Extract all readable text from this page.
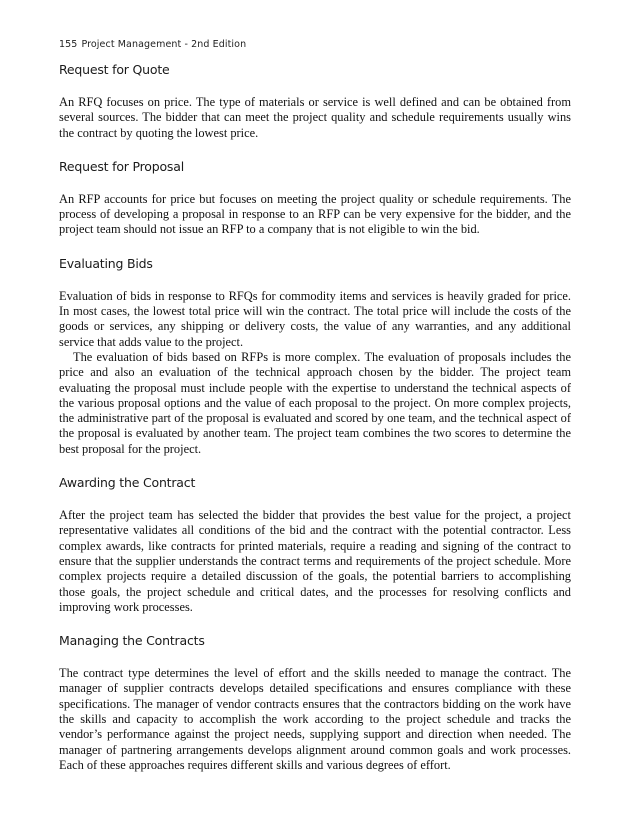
155 Project Management - 2nd Edition
Request for Quote

An RFQ focuses on price. The type of materials or service is well defined and can be obtained from several sources. The bidder that can meet the project quality and schedule requirements usually wins the contract by quoting the lowest price.

Request for Proposal

An RFP accounts for price but focuses on meeting the project quality or schedule requirements. The process of developing a proposal in response to an RFP can be very expensive for the bidder, and the project team should not issue an RFP to a company that is not eligible to win the bid.

Evaluating Bids

Evaluation of bids in response to RFQs for commodity items and services is heavily graded for price. In most cases, the lowest total price will win the contract. The total price will include the costs of the goods or services, any shipping or delivery costs, the value of any warranties, and any additional service that adds value to the project.

The evaluation of bids based on RFPs is more complex. The evaluation of proposals includes the price and also an evaluation of the technical approach chosen by the bidder. The project team evaluating the proposal must include people with the expertise to understand the technical aspects of the various proposal options and the value of each proposal to the project. On more complex projects, the administrative part of the proposal is evaluated and scored by one team, and the technical aspect of the proposal is evaluated by another team. The project team combines the two scores to determine the best proposal for the project.

Awarding the Contract

After the project team has selected the bidder that provides the best value for the project, a project representative validates all conditions of the bid and the contract with the potential contractor. Less complex awards, like contracts for printed materials, require a reading and signing of the contract to ensure that the supplier understands the contract terms and requirements of the project schedule. More complex projects require a detailed discussion of the goals, the potential barriers to accomplishing those goals, the project schedule and critical dates, and the processes for resolving conflicts and improving work processes.

Managing the Contracts

The contract type determines the level of effort and the skills needed to manage the contract. The manager of supplier contracts develops detailed specifications and ensures compliance with these specifications. The manager of vendor contracts ensures that the contractors bidding on the work have the skills and capacity to accomplish the work according to the project schedule and tracks the vendor’s performance against the project needs, supplying support and direction when needed. The manager of partnering arrangements develops alignment around common goals and work processes. Each of these approaches requires different skills and various degrees of effort.
